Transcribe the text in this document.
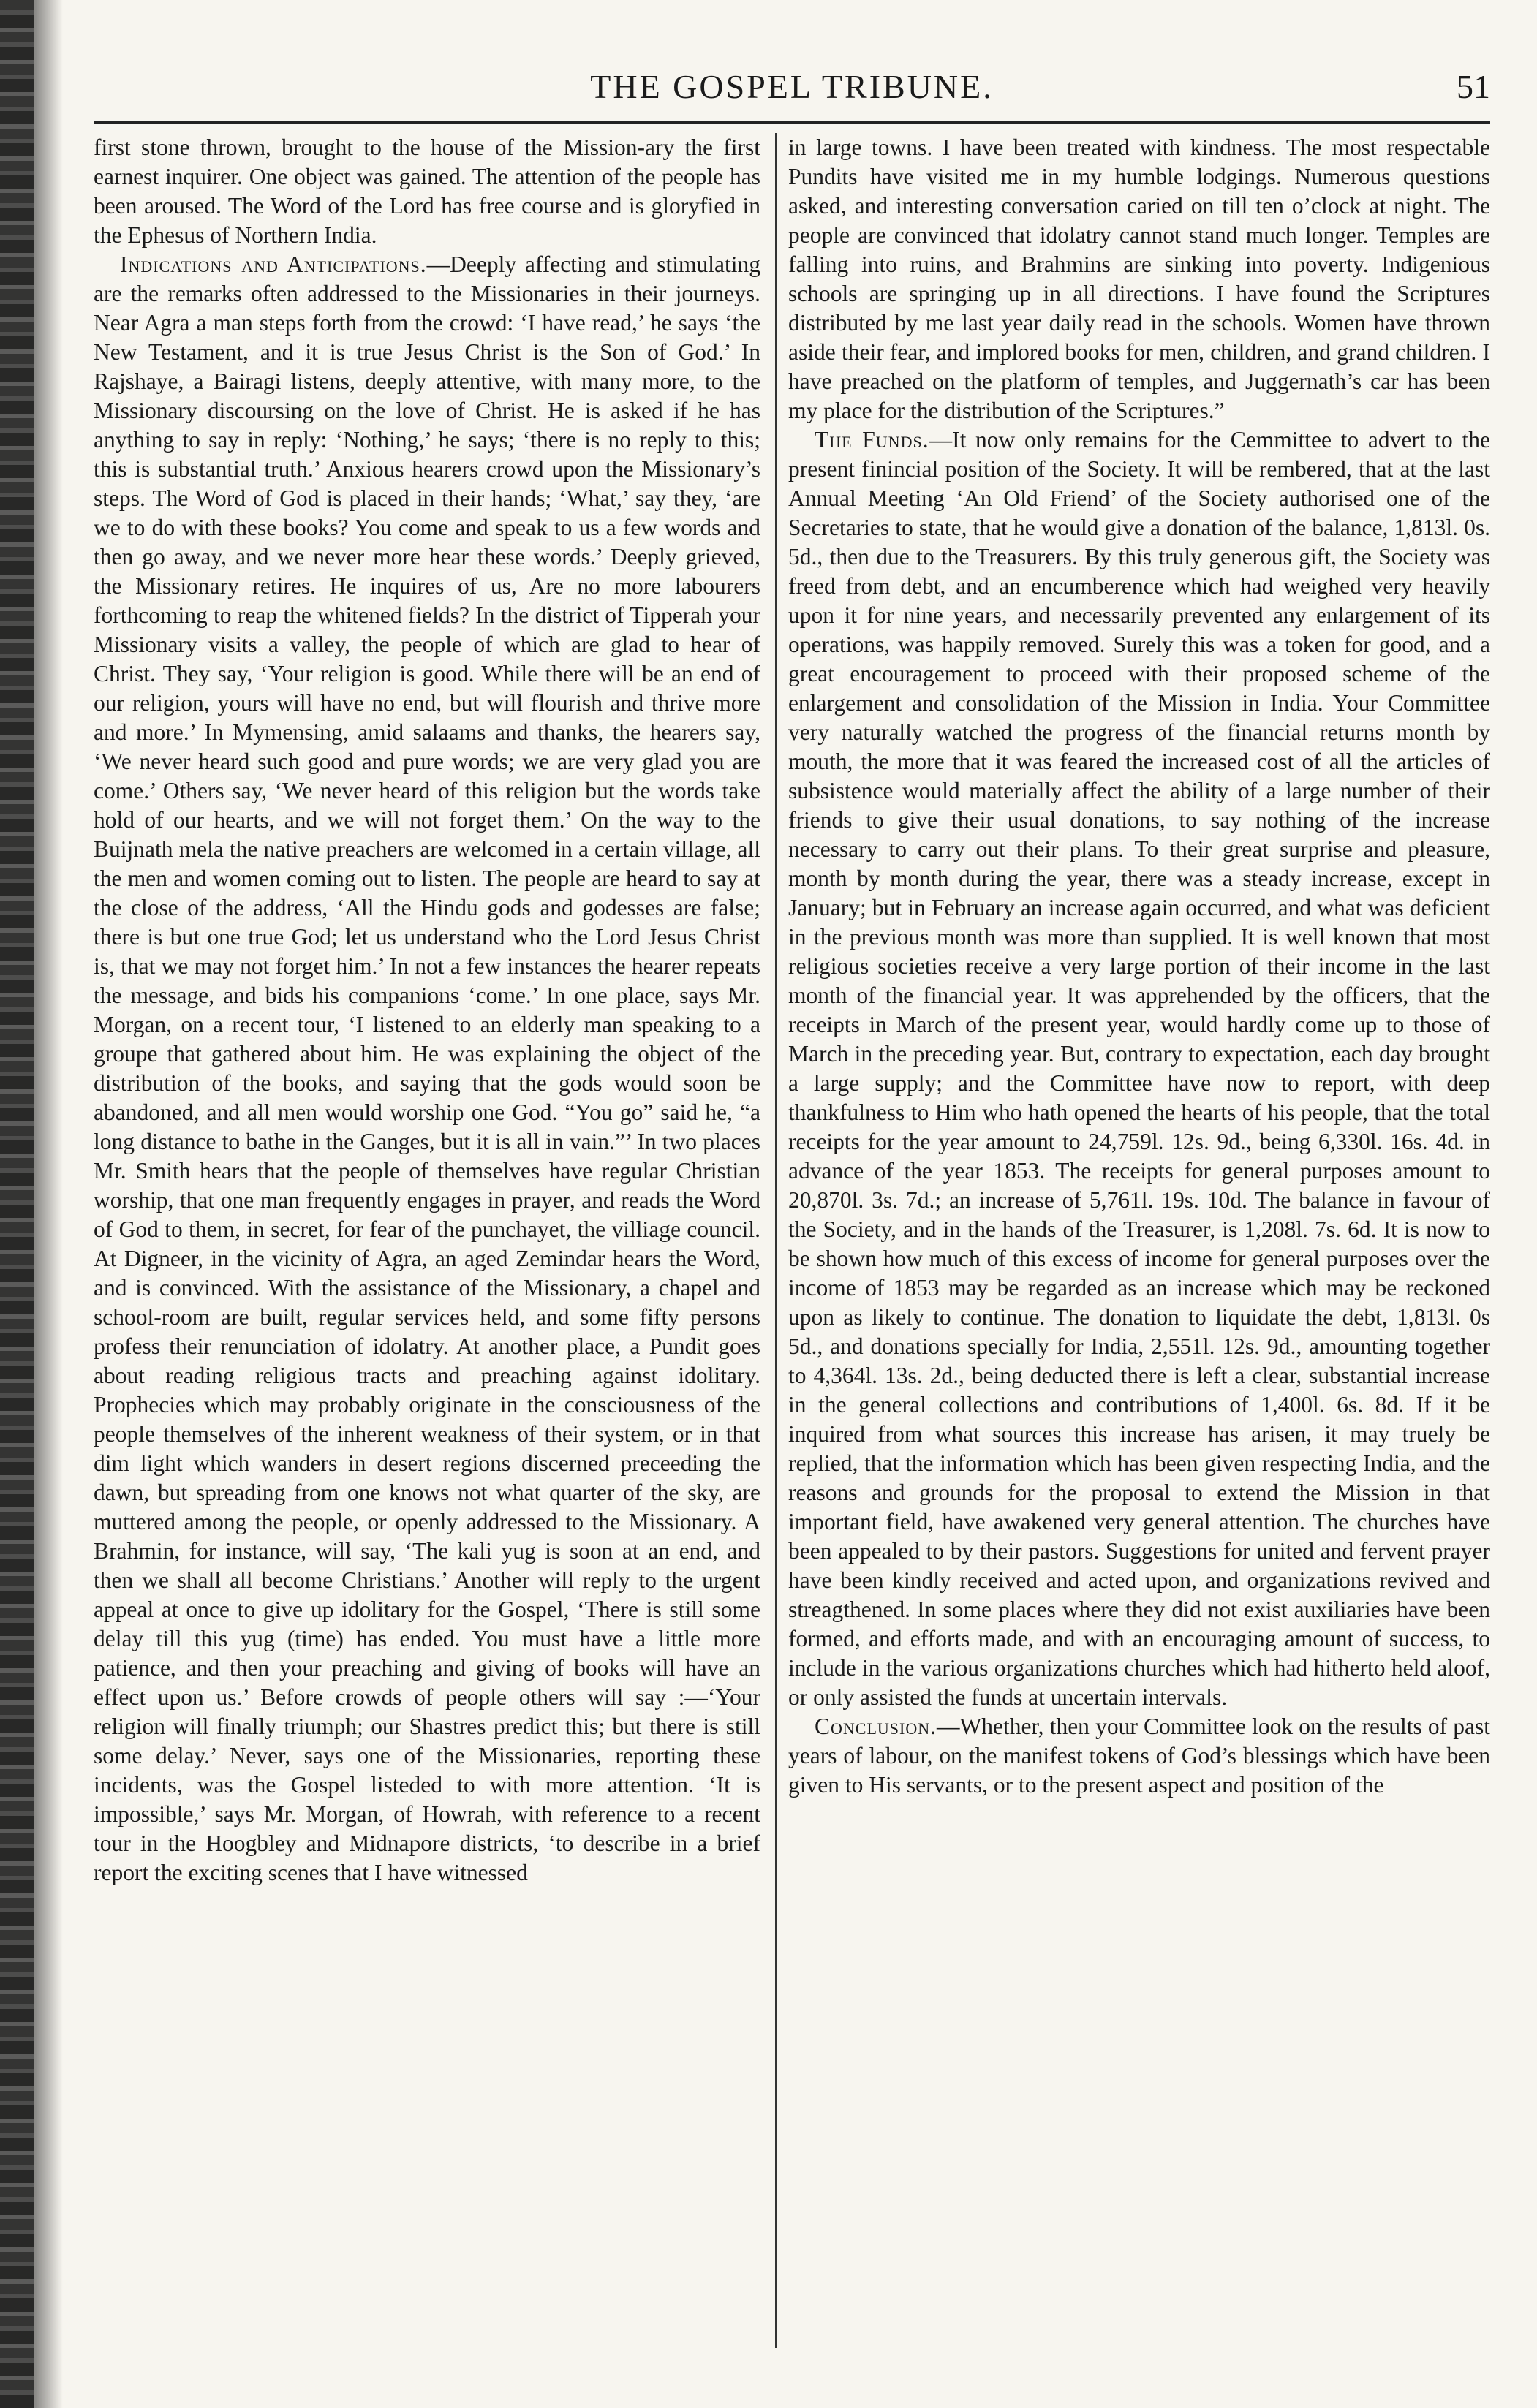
THE GOSPEL TRIBUNE.	51

first stone thrown, brought to the house of the Mission-ary the first earnest inquirer. One object was gained. The attention of the people has been aroused. The Word of the Lord has free course and is gloryfied in the Ephesus of Northern India.

Indications and Anticipations.—Deeply affecting and stimulating are the remarks often addressed to the Missionaries in their journeys. Near Agra a man steps forth from the crowd: ‘I have read,’ he says ‘the New Testament, and it is true Jesus Christ is the Son of God.’ In Rajshaye, a Bairagi listens, deeply attentive, with many more, to the Missionary discoursing on the love of Christ. He is asked if he has anything to say in reply: ‘Nothing,’ he says; ‘there is no reply to this; this is substantial truth.’ Anxious hearers crowd upon the Missionary’s steps. The Word of God is placed in their hands; ‘What,’ say they, ‘are we to do with these books? You come and speak to us a few words and then go away, and we never more hear these words.’ Deeply grieved, the Missionary retires. He inquires of us, Are no more labourers forthcoming to reap the whitened fields? In the district of Tipperah your Missionary visits a valley, the people of which are glad to hear of Christ. They say, ‘Your religion is good. While there will be an end of our religion, yours will have no end, but will flourish and thrive more and more.’ In Mymensing, amid salaams and thanks, the hearers say, ‘We never heard such good and pure words; we are very glad you are come.’ Others say, ‘We never heard of this religion but the words take hold of our hearts, and we will not forget them.’ On the way to the Buijnath mela the native preachers are welcomed in a certain village, all the men and women coming out to listen. The people are heard to say at the close of the address, ‘All the Hindu gods and godesses are false; there is but one true God; let us understand who the Lord Jesus Christ is, that we may not forget him.’ In not a few instances the hearer repeats the message, and bids his companions ‘come.’ In one place, says Mr. Morgan, on a recent tour, ‘I listened to an elderly man speaking to a groupe that gathered about him. He was explaining the object of the distribution of the books, and saying that the gods would soon be abandoned, and all men would worship one God. “You go” said he, “a long distance to bathe in the Ganges, but it is all in vain.”’ In two places Mr. Smith hears that the people of themselves have regular Christian worship, that one man frequently engages in prayer, and reads the Word of God to them, in secret, for fear of the punchayet, the villiage council. At Digneer, in the vicinity of Agra, an aged Zemindar hears the Word, and is convinced. With the assistance of the Missionary, a chapel and school-room are built, regular services held, and some fifty persons profess their renunciation of idolatry. At another place, a Pundit goes about reading religious tracts and preaching against idolitary. Prophecies which may probably originate in the consciousness of the people themselves of the inherent weakness of their system, or in that dim light which wanders in desert regions discerned preceeding the dawn, but spreading from one knows not what quarter of the sky, are muttered among the people, or openly addressed to the Missionary. A Brahmin, for instance, will say, ‘The kali yug is soon at an end, and then we shall all become Christians.’ Another will reply to the urgent appeal at once to give up idolitary for the Gospel, ‘There is still some delay till this yug (time) has ended. You must have a little more patience, and then your preaching and giving of books will have an effect upon us.’ Before crowds of people others will say :—‘Your religion will finally triumph; our Shastres predict this; but there is still some delay.’ Never, says one of the Missionaries, reporting these incidents, was the Gospel listeded to with more attention. ‘It is impossible,’ says Mr. Morgan, of Howrah, with reference to a recent tour in the Hoogbley and Midnapore districts, ‘to describe in a brief report the exciting scenes that I have witnessed

in large towns. I have been treated with kindness. The most respectable Pundits have visited me in my humble lodgings. Numerous questions asked, and interesting conversation caried on till ten o’clock at night. The people are convinced that idolatry cannot stand much longer. Temples are falling into ruins, and Brahmins are sinking into poverty. Indigenious schools are springing up in all directions. I have found the Scriptures distributed by me last year daily read in the schools. Women have thrown aside their fear, and implored books for men, children, and grand children. I have preached on the platform of temples, and Juggernath’s car has been my place for the distribution of the Scriptures.”

The Funds.—It now only remains for the Cemmittee to advert to the present finincial position of the Society. It will be rembered, that at the last Annual Meeting ‘An Old Friend’ of the Society authorised one of the Secretaries to state, that he would give a donation of the balance, 1,813l. 0s. 5d., then due to the Treasurers. By this truly generous gift, the Society was freed from debt, and an encumberence which had weighed very heavily upon it for nine years, and necessarily prevented any enlargement of its operations, was happily removed. Surely this was a token for good, and a great encouragement to proceed with their proposed scheme of the enlargement and consolidation of the Mission in India. Your Committee very naturally watched the progress of the financial returns month by mouth, the more that it was feared the increased cost of all the articles of subsistence would materially affect the ability of a large number of their friends to give their usual donations, to say nothing of the increase necessary to carry out their plans. To their great surprise and pleasure, month by month during the year, there was a steady increase, except in January; but in February an increase again occurred, and what was deficient in the previous month was more than supplied. It is well known that most religious societies receive a very large portion of their income in the last month of the financial year. It was apprehended by the officers, that the receipts in March of the present year, would hardly come up to those of March in the preceding year. But, contrary to expectation, each day brought a large supply; and the Committee have now to report, with deep thankfulness to Him who hath opened the hearts of his people, that the total receipts for the year amount to 24,759l. 12s. 9d., being 6,330l. 16s. 4d. in advance of the year 1853. The receipts for general purposes amount to 20,870l. 3s. 7d.; an increase of 5,761l. 19s. 10d. The balance in favour of the Society, and in the hands of the Treasurer, is 1,208l. 7s. 6d. It is now to be shown how much of this excess of income for general purposes over the income of 1853 may be regarded as an increase which may be reckoned upon as likely to continue. The donation to liquidate the debt, 1,813l. 0s 5d., and donations specially for India, 2,551l. 12s. 9d., amounting together to 4,364l. 13s. 2d., being deducted there is left a clear, substantial increase in the general collections and contributions of 1,400l. 6s. 8d. If it be inquired from what sources this increase has arisen, it may truely be replied, that the information which has been given respecting India, and the reasons and grounds for the proposal to extend the Mission in that important field, have awakened very general attention. The churches have been appealed to by their pastors. Suggestions for united and fervent prayer have been kindly received and acted upon, and organizations revived and streagthened. In some places where they did not exist auxiliaries have been formed, and efforts made, and with an encouraging amount of success, to include in the various organizations churches which had hitherto held aloof, or only assisted the funds at uncertain intervals.

Conclusion.—Whether, then your Committee look on the results of past years of labour, on the manifest tokens of God’s blessings which have been given to His servants, or to the present aspect and position of the
